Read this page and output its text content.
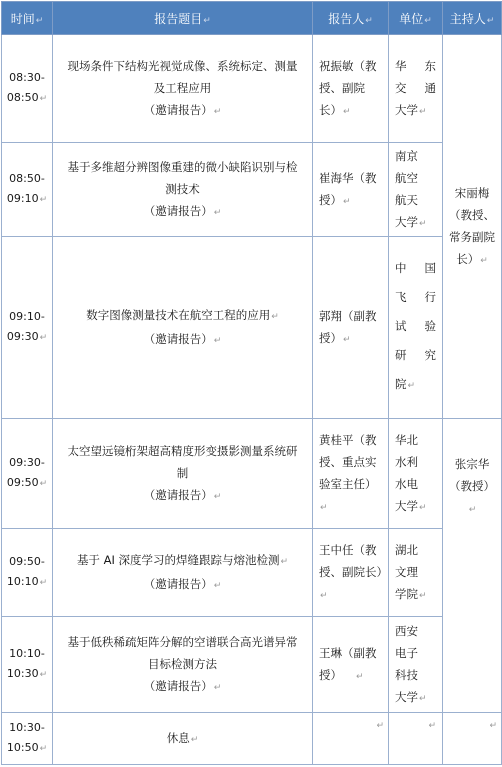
时间↵	报告题目↵	报告人↵	单位↵	主持人↵

08:30-
08:50↵	现场条件下结构光视觉成像、系统标定、测量
及工程应用
（邀请报告）↵	祝振敏（教
授、副院
长）↵	华　东
交　通
大学↵	宋丽梅
（教授、
常务副院
长）↵

08:50-
09:10↵	基于多维超分辨图像重建的微小缺陷识别与检
测技术
（邀请报告）↵	崔海华（教
授）↵	南京
航空
航天
大学↵	

09:10-
09:30↵	数字图像测量技术在航空工程的应用↵
（邀请报告）↵	郭翔（副教
授）↵	中　国
飞　行
试　验
研　究
院↵	

09:30-
09:50↵	太空望远镜桁架超高精度形变摄影测量系统研
制
（邀请报告）↵	黄桂平（教
授、重点实
验室主任）↵	华北
水利
水电
大学↵	张宗华
（教授）↵

09:50-
10:10↵	基于 AI 深度学习的焊缝跟踪与熔池检测↵
（邀请报告）↵	王中任（教
授、副院长）↵	湖北
文理
学院↵	

10:10-
10:30↵	基于低秩稀疏矩阵分解的空谱联合高光谱异常
目标检测方法
（邀请报告）↵	王琳（副教
授） ↵	西安
电子
科技
大学↵	

10:30-
10:50↵	休息↵	↵	↵	↵
